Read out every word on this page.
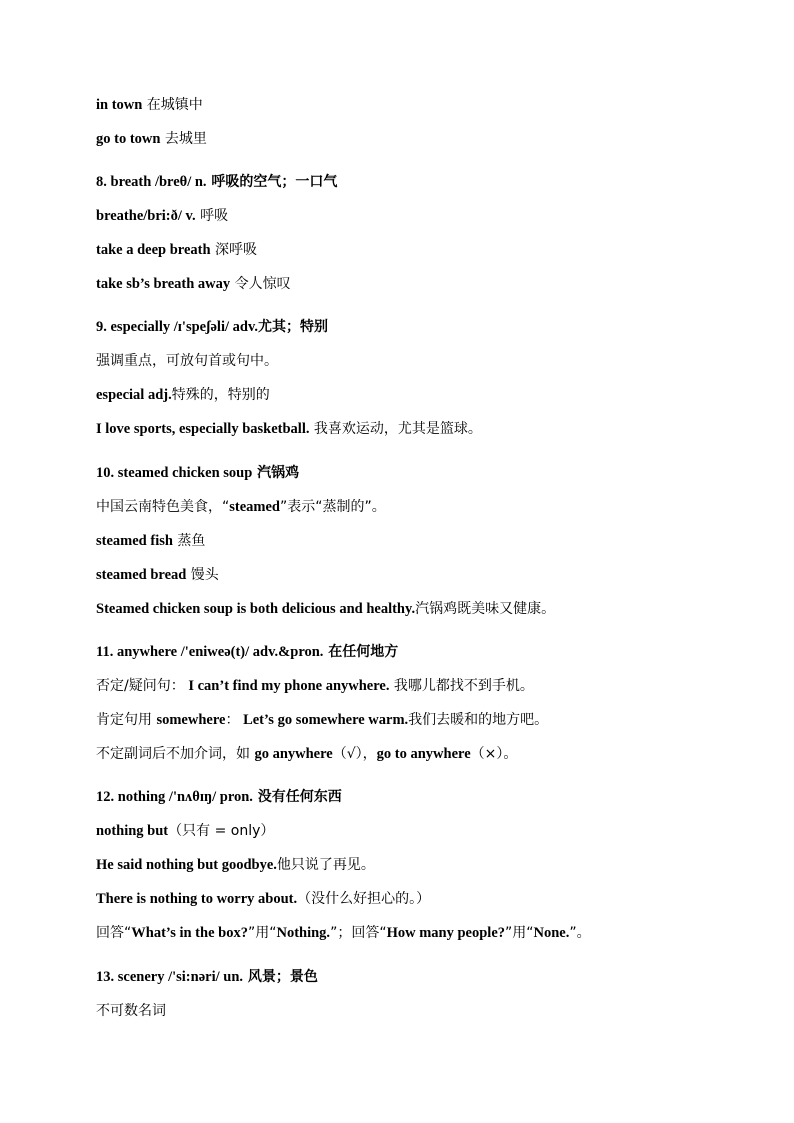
in town 在城镇中
go to town 去城里
8. breath /breθ/ n. 呼吸的空气；一口气
breathe/bri:ð/ v. 呼吸
take a deep breath 深呼吸
take sb’s breath away 令人惊叹
9. especially /ɪ'speʃəli/ adv.尤其；特别
强调重点，可放句首或句中。
especial adj.特殊的，特别的
I love sports, especially basketball. 我喜欢运动，尤其是篮球。
10. steamed chicken soup 汽锅鸡
中国云南特色美食，“steamed”表示“蒸制的”。
steamed fish 蒸鱼
steamed bread 馒头
Steamed chicken soup is both delicious and healthy.汽锅鸡既美味又健康。
11. anywhere /'eniweə(t)/ adv.&pron. 在任何地方
否定/疑问句： I can’t find my phone anywhere. 我哪儿都找不到手机。
肯定句用 somewhere： Let’s go somewhere warm.我们去暖和的地方吧。
不定副词后不加介词，如 go anywhere（√），go to anywhere（×）。
12. nothing /'nʌθɪŋ/ pron. 没有任何东西
nothing but（只有 = only）
He said nothing but goodbye.他只说了再见。
There is nothing to worry about.（没什么好担心的。）
回答“What’s in the box?”用“Nothing.”；回答“How many people?”用“None.”。
13. scenery /'si:nəri/ un. 风景；景色
不可数名词
